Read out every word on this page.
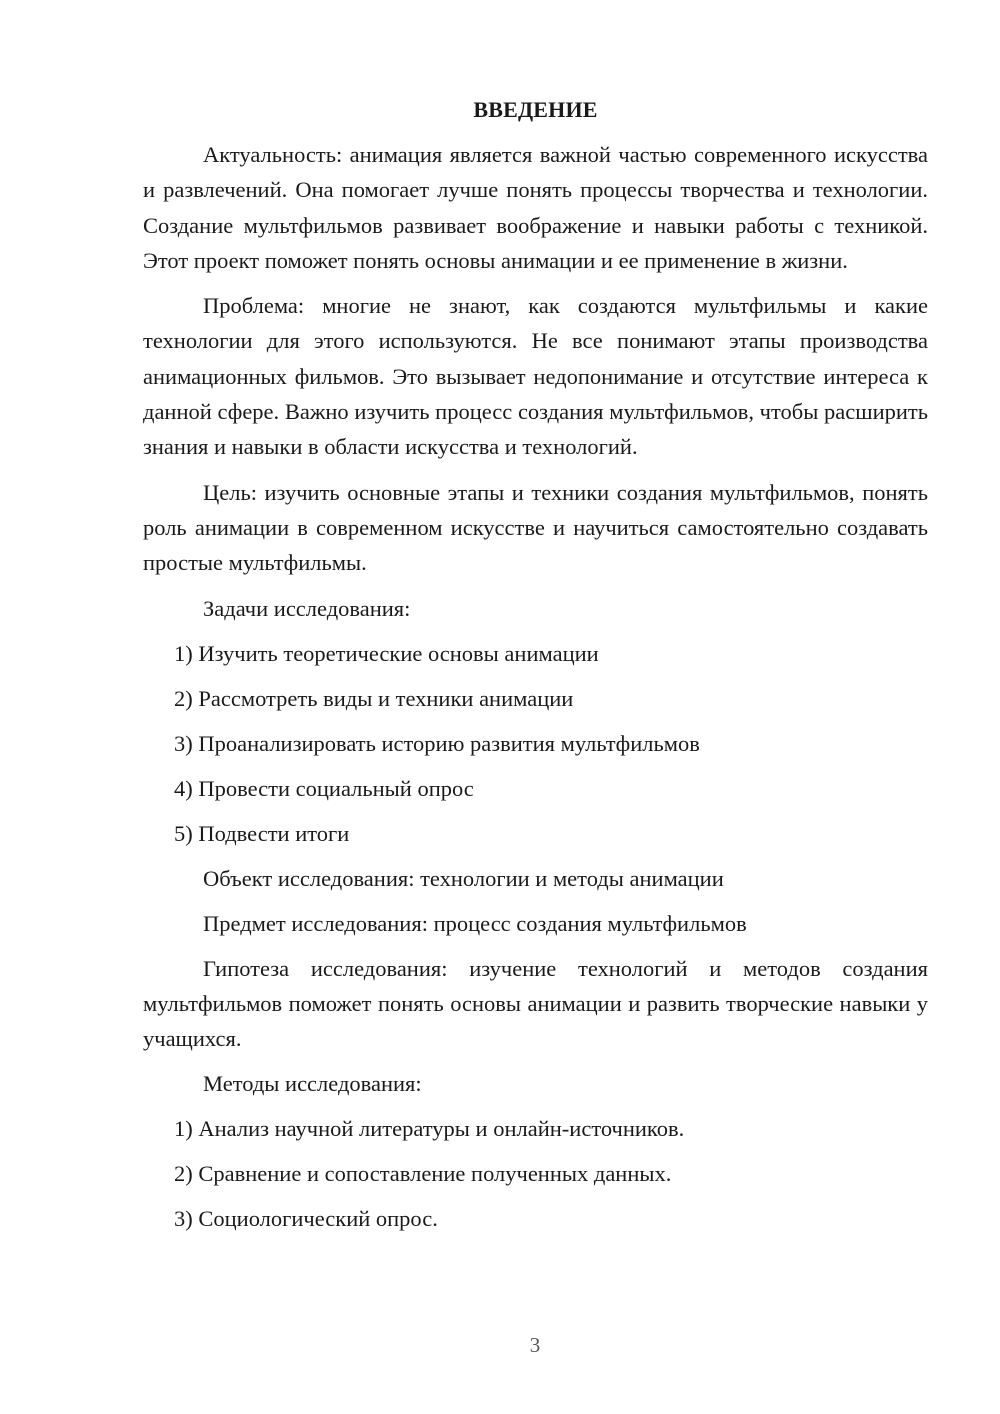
ВВЕДЕНИЕ

Актуальность: анимация является важной частью современного искусства и развлечений. Она помогает лучше понять процессы творчества и технологии. Создание мультфильмов развивает воображение и навыки работы с техникой. Этот проект поможет понять основы анимации и ее применение в жизни.

Проблема: многие не знают, как создаются мультфильмы и какие технологии для этого используются. Не все понимают этапы производства анимационных фильмов. Это вызывает недопонимание и отсутствие интереса к данной сфере. Важно изучить процесс создания мультфильмов, чтобы расширить знания и навыки в области искусства и технологий.

Цель: изучить основные этапы и техники создания мультфильмов, понять роль анимации в современном искусстве и научиться самостоятельно создавать простые мультфильмы.

Задачи исследования:
1) Изучить теоретические основы анимации
2) Рассмотреть виды и техники анимации
3) Проанализировать историю развития мультфильмов
4) Провести социальный опрос
5) Подвести итоги
Объект исследования: технологии и методы анимации
Предмет исследования: процесс создания мультфильмов

Гипотеза исследования: изучение технологий и методов создания мультфильмов поможет понять основы анимации и развить творческие навыки у учащихся.

Методы исследования:
1) Анализ научной литературы и онлайн-источников.
2) Сравнение и сопоставление полученных данных.
3) Социологический опрос.
3
